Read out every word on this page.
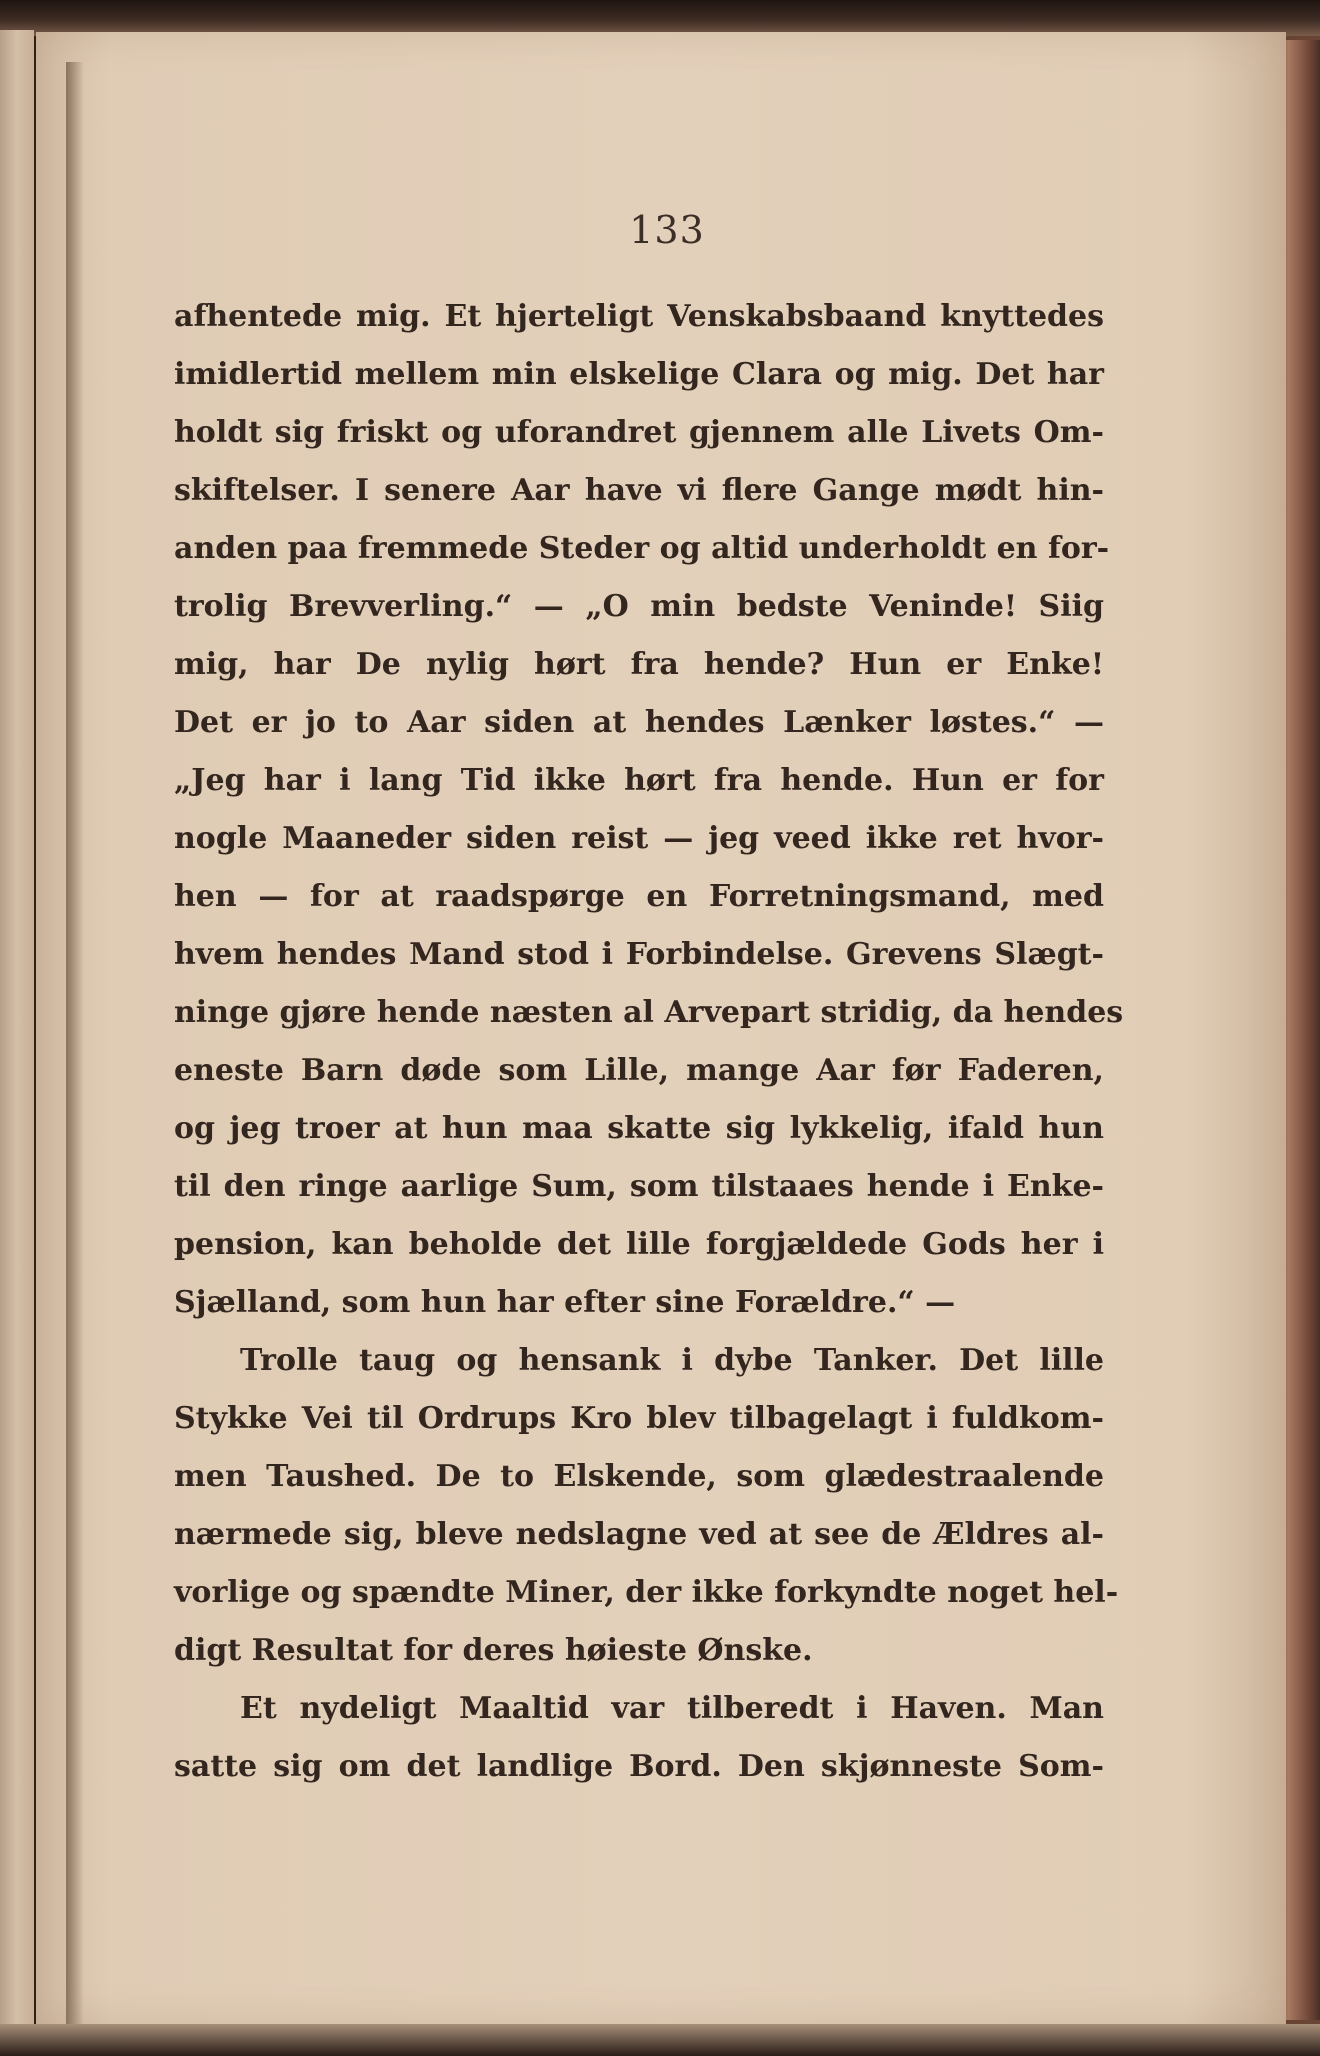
133
afhentede mig. Et hjerteligt Venskabsbaand knyttedes
imidlertid mellem min elskelige Clara og mig. Det har
holdt sig friskt og uforandret gjennem alle Livets Om-
skiftelser. I senere Aar have vi flere Gange mødt hin-
anden paa fremmede Steder og altid underholdt en for-
trolig Brevverling.“ — „O min bedste Veninde! Siig
mig, har De nylig hørt fra hende? Hun er Enke!
Det er jo to Aar siden at hendes Lænker løstes.“ —
„Jeg har i lang Tid ikke hørt fra hende. Hun er for
nogle Maaneder siden reist — jeg veed ikke ret hvor-
hen — for at raadspørge en Forretningsmand, med
hvem hendes Mand stod i Forbindelse. Grevens Slægt-
ninge gjøre hende næsten al Arvepart stridig, da hendes
eneste Barn døde som Lille, mange Aar før Faderen,
og jeg troer at hun maa skatte sig lykkelig, ifald hun
til den ringe aarlige Sum, som tilstaaes hende i Enke-
pension, kan beholde det lille forgjældede Gods her i
Sjælland, som hun har efter sine Forældre.“ —
Trolle taug og hensank i dybe Tanker. Det lille
Stykke Vei til Ordrups Kro blev tilbagelagt i fuldkom-
men Taushed. De to Elskende, som glædestraalende
nærmede sig, bleve nedslagne ved at see de Ældres al-
vorlige og spændte Miner, der ikke forkyndte noget hel-
digt Resultat for deres høieste Ønske.
Et nydeligt Maaltid var tilberedt i Haven. Man
satte sig om det landlige Bord. Den skjønneste Som-
